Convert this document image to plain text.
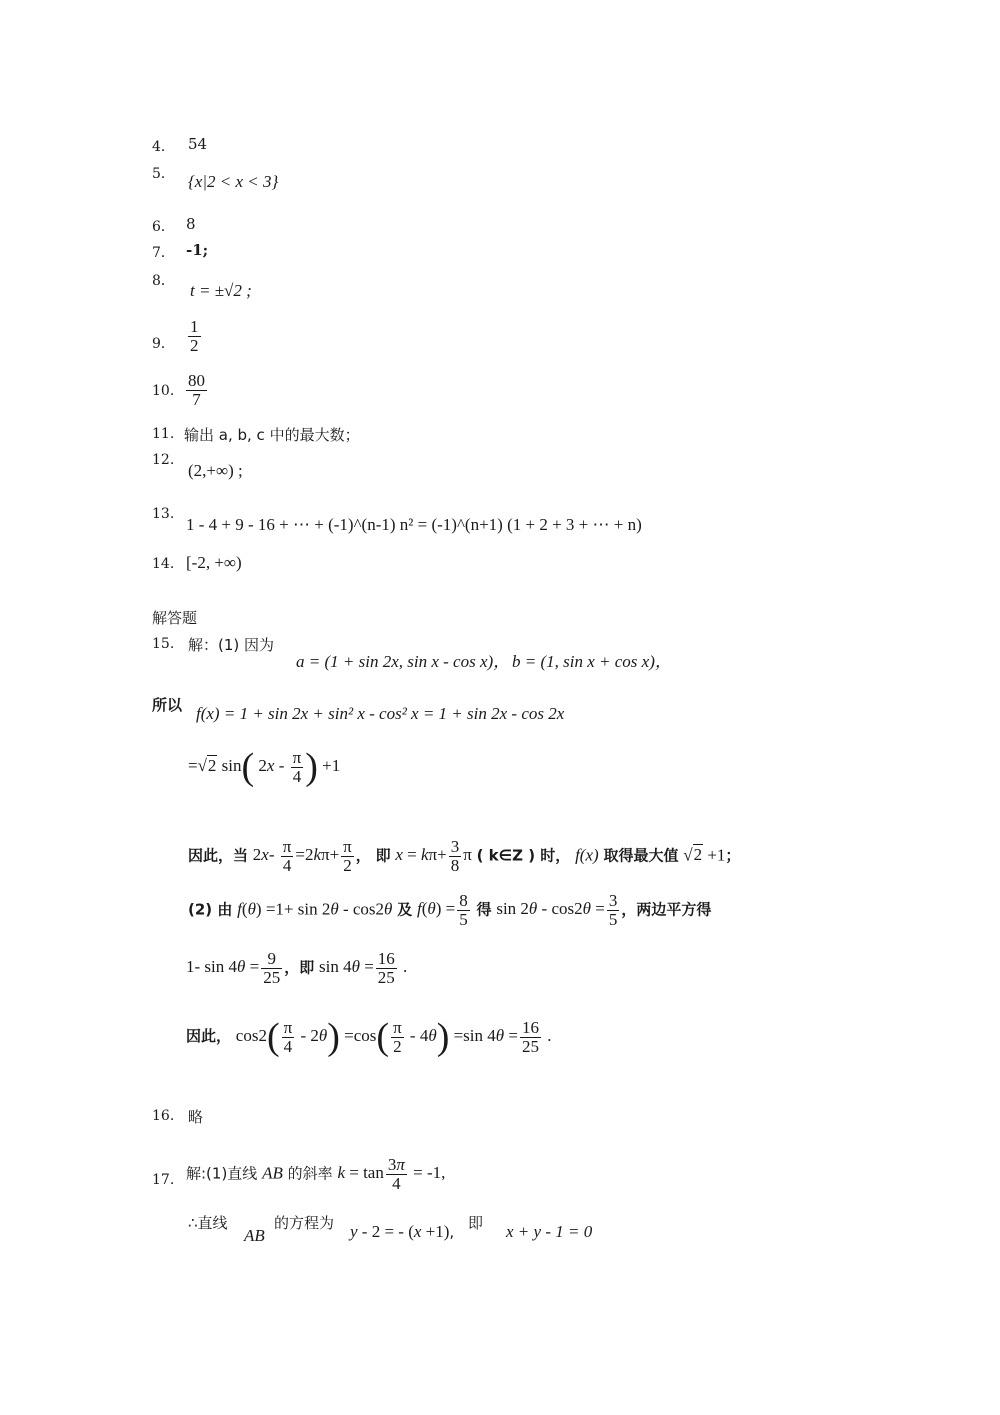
4． 54
5． {x|2 < x < 3}
6． 8
7． -1;
8． t = ±√2 ;
9． $\frac{1}{2}$
10. $\frac{80}{7}$
11. 输出 a, b, c 中的最大数；
12.
(2,+∞) ;
13.
1 - 4 + 9 - 16 + ⋯ + (-1)^(n-1) n² = (-1)^(n+1) (1 + 2 + 3 + ⋯ + n)
14. [-2, +∞)
解答题
15. 解：(1) 因为
a = (1 + sin 2x, sin x - cos x)， b = (1, sin x + cos x)，
所以 f(x) = 1 + sin 2x + sin² x - cos² x = 1 + sin 2x - cos 2x
=√2 sin( $2x - \frac{\pi}{4}$ ) +1
因此，当 $2x- \frac{\pi}{4} =2k\pi+ \frac{\pi}{2}$ ， 即 $x = k\pi+ \frac{3}{8}$ π ( k∈Z ) 时， f(x) 取得最大值 √2 +1；
(2) 由 f(θ) =1+ sin 2θ - cos2θ 及 $f(\theta) = \frac{8}{5}$ 得 $\sin 2\theta - \cos 2\theta = \frac{3}{5}$ ，两边平方得
1- $\sin 4\theta = \frac{9}{25}$ ，即 $\sin 4\theta = \frac{16}{25}$ .
因此， $\cos 2( \frac{\pi}{4} - 2\theta) =\cos( \frac{\pi}{2} - 4\theta) =\sin$ $4\theta = \frac{16}{25}$ .
16. 略
17. 解:(1)直线 AB 的斜率 $k = \tan \frac{3\pi}{4} = -1$,
∴直线
AB
的方程为 y - 2 = - (x +1), 即 x + y - 1 = 0
